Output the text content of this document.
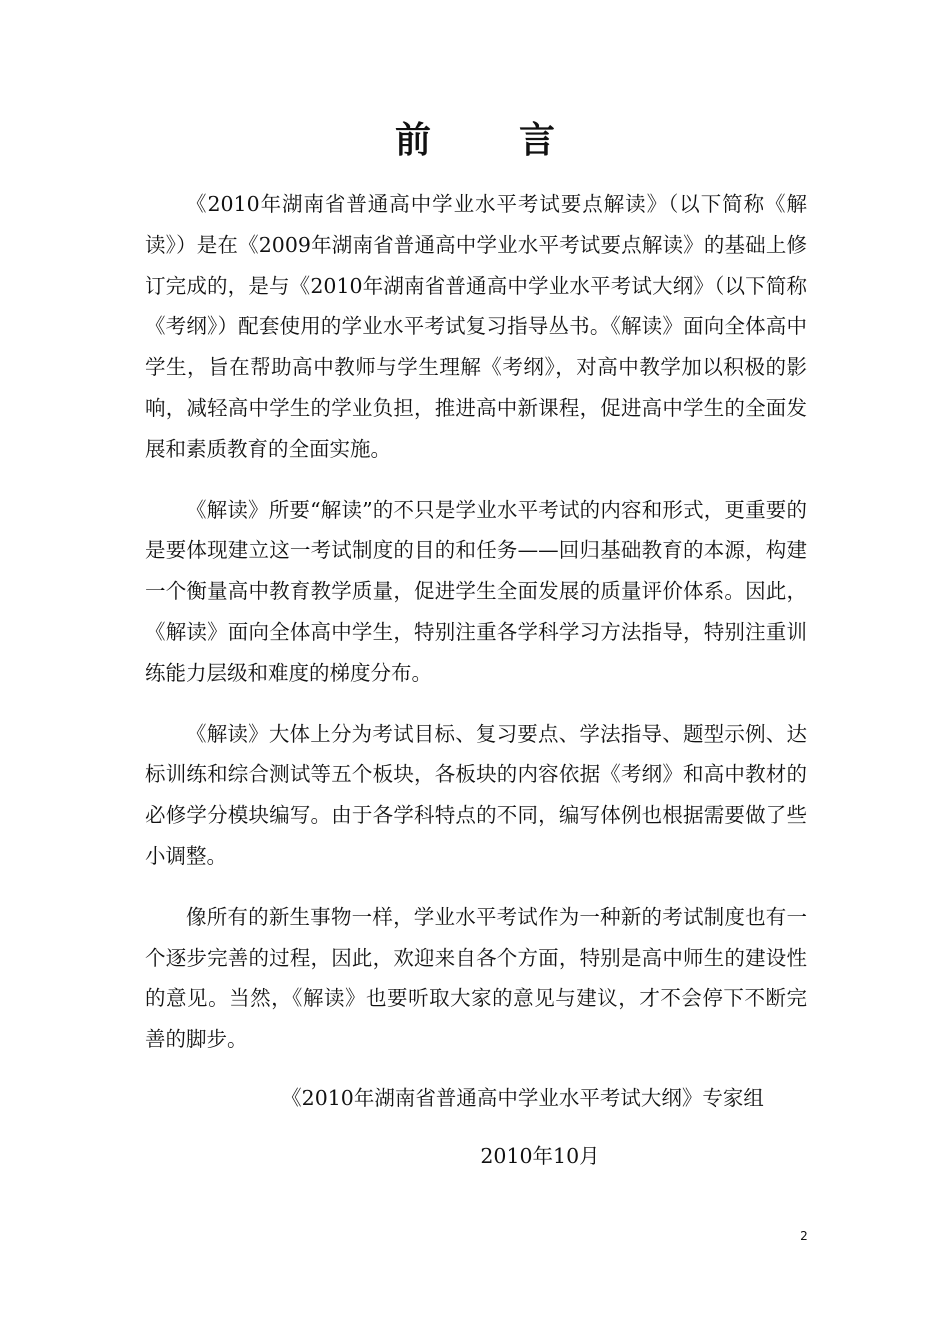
前　言

《2010年湖南省普通高中学业水平考试要点解读》（以下简称《解读》）是在《2009年湖南省普通高中学业水平考试要点解读》的基础上修订完成的，是与《2010年湖南省普通高中学业水平考试大纲》（以下简称《考纲》）配套使用的学业水平考试复习指导丛书。《解读》面向全体高中学生，旨在帮助高中教师与学生理解《考纲》，对高中教学加以积极的影响，减轻高中学生的学业负担，推进高中新课程，促进高中学生的全面发展和素质教育的全面实施。

《解读》所要“解读”的不只是学业水平考试的内容和形式，更重要的是要体现建立这一考试制度的目的和任务——回归基础教育的本源，构建一个衡量高中教育教学质量，促进学生全面发展的质量评价体系。因此，《解读》面向全体高中学生，特别注重各学科学习方法指导，特别注重训练能力层级和难度的梯度分布。

《解读》大体上分为考试目标、复习要点、学法指导、题型示例、达标训练和综合测试等五个板块，各板块的内容依据《考纲》和高中教材的必修学分模块编写。由于各学科特点的不同，编写体例也根据需要做了些小调整。

像所有的新生事物一样，学业水平考试作为一种新的考试制度也有一个逐步完善的过程，因此，欢迎来自各个方面，特别是高中师生的建设性的意见。当然，《解读》也要听取大家的意见与建议，才不会停下不断完善的脚步。

《2010年湖南省普通高中学业水平考试大纲》专家组

2010年10月

2
